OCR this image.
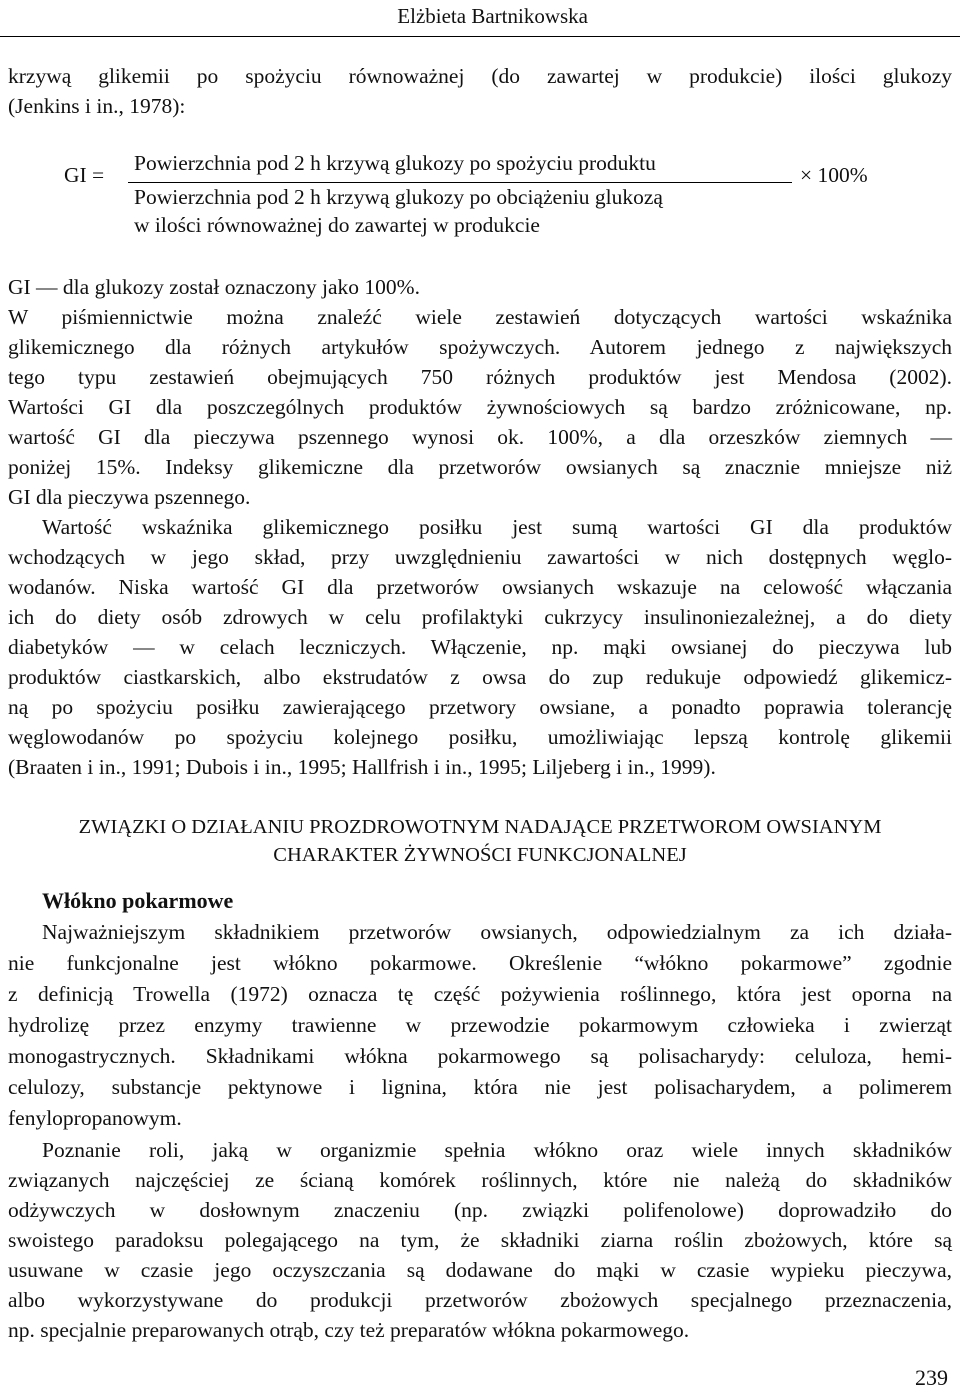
Elżbieta Bartnikowska
krzywą glikemii po spożyciu równoważnej (do zawartej w produkcie) ilości glukozy
(Jenkins i in., 1978):
GI = Powierzchnia pod 2 h krzywą glukozy po spożyciu produktu
Powierzchnia pod 2 h krzywą glukozy po obciążeniu glukozą
w ilości równoważnej do zawartej w produkcie
× 100%
GI — dla glukozy został oznaczony jako 100%.
W piśmiennictwie można znaleźć wiele zestawień dotyczących wartości wskaźnika
glikemicznego dla różnych artykułów spożywczych. Autorem jednego z największych
tego typu zestawień obejmujących 750 różnych produktów jest Mendosa (2002).
Wartości GI dla poszczególnych produktów żywnościowych są bardzo zróżnicowane, np.
wartość GI dla pieczywa pszennego wynosi ok. 100%, a dla orzeszków ziemnych —
poniżej 15%. Indeksy glikemiczne dla przetworów owsianych są znacznie mniejsze niż
GI dla pieczywa pszennego.
Wartość wskaźnika glikemicznego posiłku jest sumą wartości GI dla produktów
wchodzących w jego skład, przy uwzględnieniu zawartości w nich dostępnych węglo-
wodanów. Niska wartość GI dla przetworów owsianych wskazuje na celowość włączania
ich do diety osób zdrowych w celu profilaktyki cukrzycy insulinoniezależnej, a do diety
diabetyków — w celach leczniczych. Włączenie, np. mąki owsianej do pieczywa lub
produktów ciastkarskich, albo ekstrudatów z owsa do zup redukuje odpowiedź glikemicz-
ną po spożyciu posiłku zawierającego przetwory owsiane, a ponadto poprawia tolerancję
węglowodanów po spożyciu kolejnego posiłku, umożliwiając lepszą kontrolę glikemii
(Braaten i in., 1991; Dubois i in., 1995; Hallfrish i in., 1995; Liljeberg i in., 1999).
ZWIĄZKI O DZIAŁANIU PROZDROWOTNYM NADAJĄCE PRZETWOROM OWSIANYM
CHARAKTER ŻYWNOŚCI FUNKCJONALNEJ
Włókno pokarmowe
Najważniejszym składnikiem przetworów owsianych, odpowiedzialnym za ich działa-
nie funkcjonalne jest włókno pokarmowe. Określenie “włókno pokarmowe” zgodnie
z definicją Trowella (1972) oznacza tę część pożywienia roślinnego, która jest oporna na
hydrolizę przez enzymy trawienne w przewodzie pokarmowym człowieka i zwierząt
monogastrycznych. Składnikami włókna pokarmowego są polisacharydy: celuloza, hemi-
celulozy, substancje pektynowe i lignina, która nie jest polisacharydem, a polimerem
fenylopropanowym.
Poznanie roli, jaką w organizmie spełnia włókno oraz wiele innych składników
związanych najczęściej ze ścianą komórek roślinnych, które nie należą do składników
odżywczych w dosłownym znaczeniu (np. związki polifenolowe) doprowadziło do
swoistego paradoksu polegającego na tym, że składniki ziarna roślin zbożowych, które są
usuwane w czasie jego oczyszczania są dodawane do mąki w czasie wypieku pieczywa,
albo wykorzystywane do produkcji przetworów zbożowych specjalnego przeznaczenia,
np. specjalnie preparowanych otrąb, czy też preparatów włókna pokarmowego.
239
